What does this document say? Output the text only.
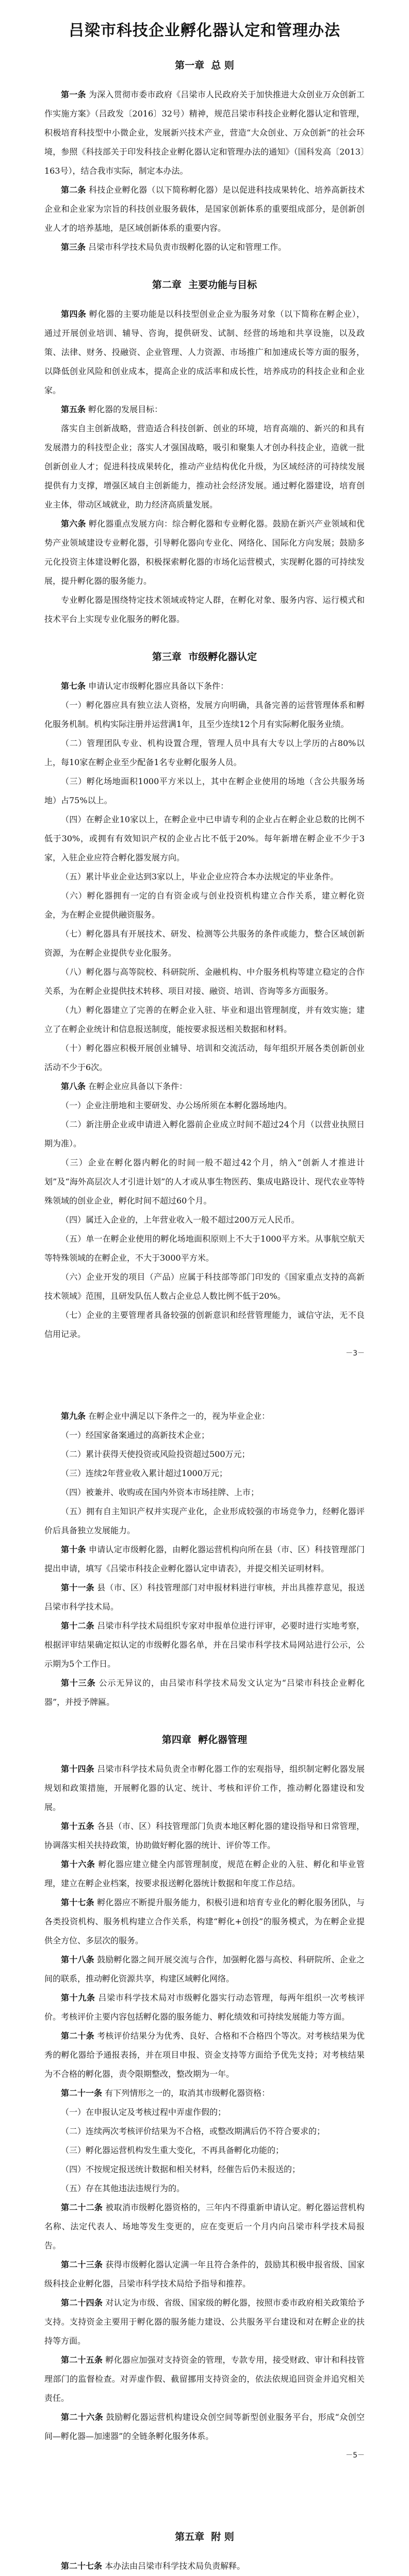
吕梁市科技企业孵化器认定和管理办法
第一章  总 则

第一条 为深入贯彻市委市政府《吕梁市人民政府关于加快推进大众创业万众创新工作实施方案》（吕政发〔2016〕32号）精神，规范吕梁市科技企业孵化器认定和管理，积极培育科技型中小微企业，发展新兴技术产业，营造“大众创业、万众创新”的社会环境，参照《科技部关于印发科技企业孵化器认定和管理办法的通知》（国科发高〔2013〕163号），结合我市实际，制定本办法。

第二条 科技企业孵化器（以下简称孵化器）是以促进科技成果转化、培养高新技术企业和企业家为宗旨的科技创业服务载体，是国家创新体系的重要组成部分，是创新创业人才的培养基地，是区域创新体系的重要内容。

第三条 吕梁市科学技术局负责市级孵化器的认定和管理工作。

第二章  主要功能与目标

第四条 孵化器的主要功能是以科技型创业企业为服务对象（以下简称在孵企业），通过开展创业培训、辅导、咨询，提供研发、试制、经营的场地和共享设施，以及政策、法律、财务、投融资、企业管理、人力资源、市场推广和加速成长等方面的服务，以降低创业风险和创业成本，提高企业的成活率和成长性，培养成功的科技企业和企业家。

第五条 孵化器的发展目标：

落实自主创新战略，营造适合科技创新、创业的环境，培育高端的、新兴的和具有发展潜力的科技型企业；落实人才强国战略，吸引和聚集人才创办科技企业，造就一批创新创业人才；促进科技成果转化，推动产业结构优化升级，为区域经济的可持续发展提供有力支撑，增强区域自主创新能力，推动社会经济发展。通过孵化器建设，培育创业主体，带动区域就业，助力经济高质量发展。

第六条 孵化器重点发展方向：综合孵化器和专业孵化器。鼓励在新兴产业领域和优势产业领域建设专业孵化器，引导孵化器向专业化、网络化、国际化方向发展；鼓励多元化投资主体建设孵化器，积极探索孵化器的市场化运营模式，实现孵化器的可持续发展，提升孵化器的服务能力。

专业孵化器是围绕特定技术领域或特定人群，在孵化对象、服务内容、运行模式和技术平台上实现专业化服务的孵化器。

第三章  市级孵化器认定

第七条 申请认定市级孵化器应具备以下条件：

（一）孵化器应具有独立法人资格，发展方向明确，具备完善的运营管理体系和孵化服务机制。机构实际注册并运营满1年，且至少连续12个月有实际孵化服务业绩。

（二）管理团队专业、机构设置合理，管理人员中具有大专以上学历的占80%以上，每10家在孵企业至少配备1名专业孵化服务人员。

（三）孵化场地面积1000平方米以上，其中在孵企业使用的场地（含公共服务场地）占75%以上。

（四）在孵企业10家以上，在孵企业中已申请专利的企业占在孵企业总数的比例不低于30%，或拥有有效知识产权的企业占比不低于20%。每年新增在孵企业不少于3家，入驻企业应符合孵化器发展方向。

（五）累计毕业企业达到3家以上，毕业企业应符合本办法规定的毕业条件。

（六）孵化器拥有一定的自有资金或与创业投资机构建立合作关系，建立孵化资金，为在孵企业提供融资服务。

（七）孵化器具有开展技术、研发、检测等公共服务的条件或能力，整合区域创新资源，为在孵企业提供专业化服务。

（八）孵化器与高等院校、科研院所、金融机构、中介服务机构等建立稳定的合作关系，为在孵企业提供技术转移、项目对接、融资、培训、咨询等多方面服务。

（九）孵化器建立了完善的在孵企业入驻、毕业和退出管理制度，并有效实施；建立了在孵企业统计和信息报送制度，能按要求报送相关数据和材料。

（十）孵化器应积极开展创业辅导、培训和交流活动，每年组织开展各类创新创业活动不少于6次。

第八条 在孵企业应具备以下条件：

（一）企业注册地和主要研发、办公场所须在本孵化器场地内。

（二）新注册企业或申请进入孵化器前企业成立时间不超过24个月（以营业执照日期为准）。

（三）企业在孵化器内孵化的时间一般不超过42个月，纳入“创新人才推进计划”及“海外高层次人才引进计划”的人才或从事生物医药、集成电路设计、现代农业等特殊领域的创业企业，孵化时间不超过60个月。

（四）属迁入企业的，上年营业收入一般不超过200万元人民币。

（五）单一在孵企业使用的孵化场地面积原则上不大于1000平方米。从事航空航天等特殊领域的在孵企业，不大于3000平方米。

（六）企业开发的项目（产品）应属于科技部等部门印发的《国家重点支持的高新技术领域》范围，且研发队伍人数占企业总人数比例不低于20%。

（七）企业的主要管理者具备较强的创新意识和经营管理能力，诚信守法，无不良信用记录。

－3－

第九条 在孵企业中满足以下条件之一的，视为毕业企业：

（一）经国家备案通过的高新技术企业；

（二）累计获得天使投资或风险投资超过500万元；

（三）连续2年营业收入累计超过1000万元；

（四）被兼并、收购或在国内外资本市场挂牌、上市；

（五）拥有自主知识产权并实现产业化，企业形成较强的市场竞争力，经孵化器评价后具备独立发展能力。

第十条 申请认定市级孵化器，由孵化器运营机构向所在县（市、区）科技管理部门提出申请，填写《吕梁市科技企业孵化器认定申请表》，并提交相关证明材料。

第十一条 县（市、区）科技管理部门对申报材料进行审核，并出具推荐意见，报送吕梁市科学技术局。

第十二条 吕梁市科学技术局组织专家对申报单位进行评审，必要时进行实地考察，根据评审结果确定拟认定的市级孵化器名单，并在吕梁市科学技术局网站进行公示，公示期为5个工作日。

第十三条 公示无异议的，由吕梁市科学技术局发文认定为“吕梁市科技企业孵化器”，并授予牌匾。

第四章  孵化器管理

第十四条 吕梁市科学技术局负责全市孵化器工作的宏观指导，组织制定孵化器发展规划和政策措施，开展孵化器的认定、统计、考核和评价工作，推动孵化器建设和发展。

第十五条 各县（市、区）科技管理部门负责本地区孵化器的建设指导和日常管理，协调落实相关扶持政策，协助做好孵化器的统计、评价等工作。

第十六条 孵化器应建立健全内部管理制度，规范在孵企业的入驻、孵化和毕业管理，建立在孵企业档案，按要求报送孵化器统计数据和年度工作总结。

第十七条 孵化器应不断提升服务能力，积极引进和培育专业化的孵化服务团队，与各类投资机构、服务机构建立合作关系，构建“孵化+创投”的服务模式，为在孵企业提供全方位、多层次的服务。

第十八条 鼓励孵化器之间开展交流与合作，加强孵化器与高校、科研院所、企业之间的联系，推动孵化资源共享，构建区域孵化网络。

第十九条 吕梁市科学技术局对市级孵化器实行动态管理，每两年组织一次考核评价。考核评价主要内容包括孵化器的服务能力、孵化绩效和可持续发展能力等方面。

第二十条 考核评价结果分为优秀、良好、合格和不合格四个等次。对考核结果为优秀的孵化器给予通报表扬，并在项目申报、资金支持等方面给予优先支持；对考核结果为不合格的孵化器，责令限期整改，整改期为一年。

第二十一条 有下列情形之一的，取消其市级孵化器资格：

（一）在申报认定及考核过程中弄虚作假的；

（二）连续两次考核评价结果为不合格，或整改期满后仍不符合要求的；

（三）孵化器运营机构发生重大变化，不再具备孵化功能的；

（四）不按规定报送统计数据和相关材料，经催告后仍未报送的；

（五）存在其他违法违规行为的。

第二十二条 被取消市级孵化器资格的，三年内不得重新申请认定。孵化器运营机构名称、法定代表人、场地等发生变更的，应在变更后一个月内向吕梁市科学技术局报告。

第二十三条 获得市级孵化器认定满一年且符合条件的，鼓励其积极申报省级、国家级科技企业孵化器，吕梁市科学技术局给予指导和推荐。

第二十四条 对认定为市级、省级、国家级的孵化器，按照市委市政府相关政策给予支持。支持资金主要用于孵化器的服务能力建设、公共服务平台建设和对在孵企业的扶持等方面。

第二十五条 孵化器应加强对支持资金的管理，专款专用，接受财政、审计和科技管理部门的监督检查。对弄虚作假、截留挪用支持资金的，依法依规追回资金并追究相关责任。

第二十六条 鼓励孵化器运营机构建设众创空间等新型创业服务平台，形成“众创空间—孵化器—加速器”的全链条孵化服务体系。

－5－
第五章  附 则

第二十七条 本办法由吕梁市科学技术局负责解释。
